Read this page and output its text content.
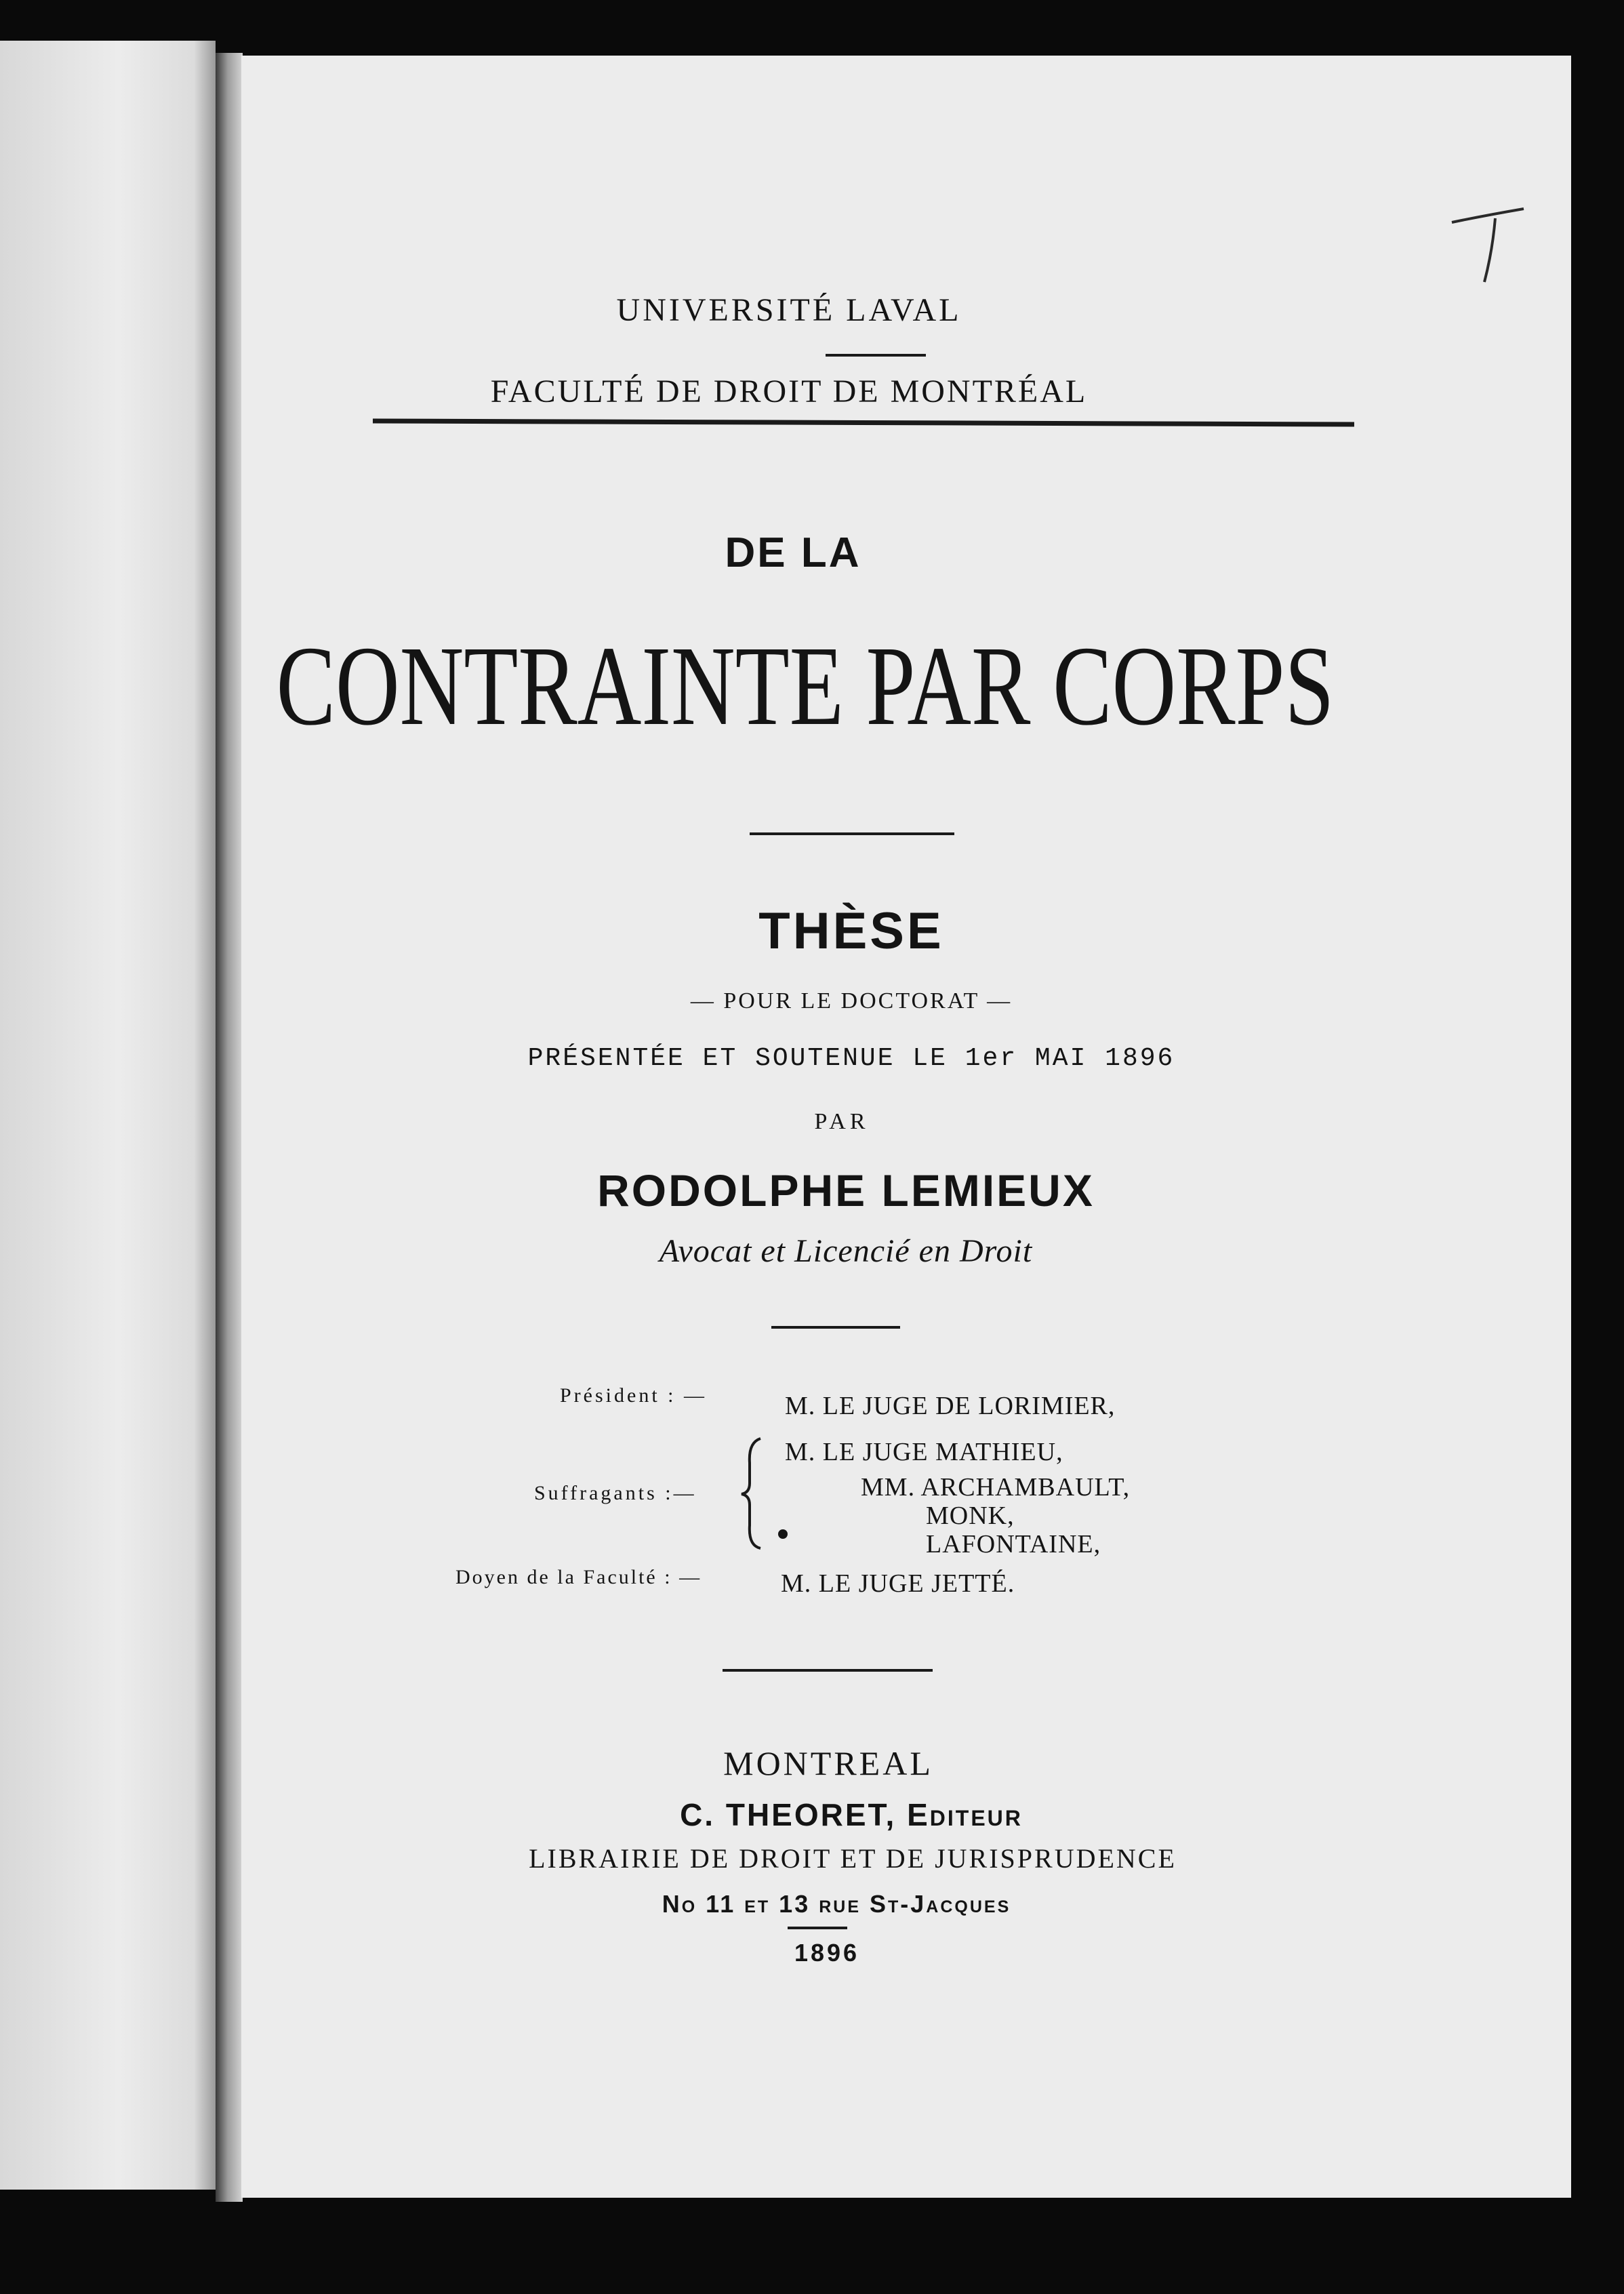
UNIVERSITÉ LAVAL
FACULTÉ DE DROIT DE MONTRÉAL
DE LA
CONTRAINTE PAR CORPS
THÈSE
— POUR LE DOCTORAT —
PRÉSENTÉE ET SOUTENUE LE 1er MAI 1896
PAR
RODOLPHE LEMIEUX
Avocat et Licencié en Droit
Président : —	M. LE JUGE DE LORIMIER,
Suffragants :—
M. LE JUGE MATHIEU,
MM. ARCHAMBAULT,
MONK,
LAFONTAINE,
Doyen de la Faculté : —	M. LE JUGE JETTÉ.
MONTREAL
C. THEORET, Editeur
LIBRAIRIE DE DROIT ET DE JURISPRUDENCE
No 11 et 13 rue St-Jacques
1896
